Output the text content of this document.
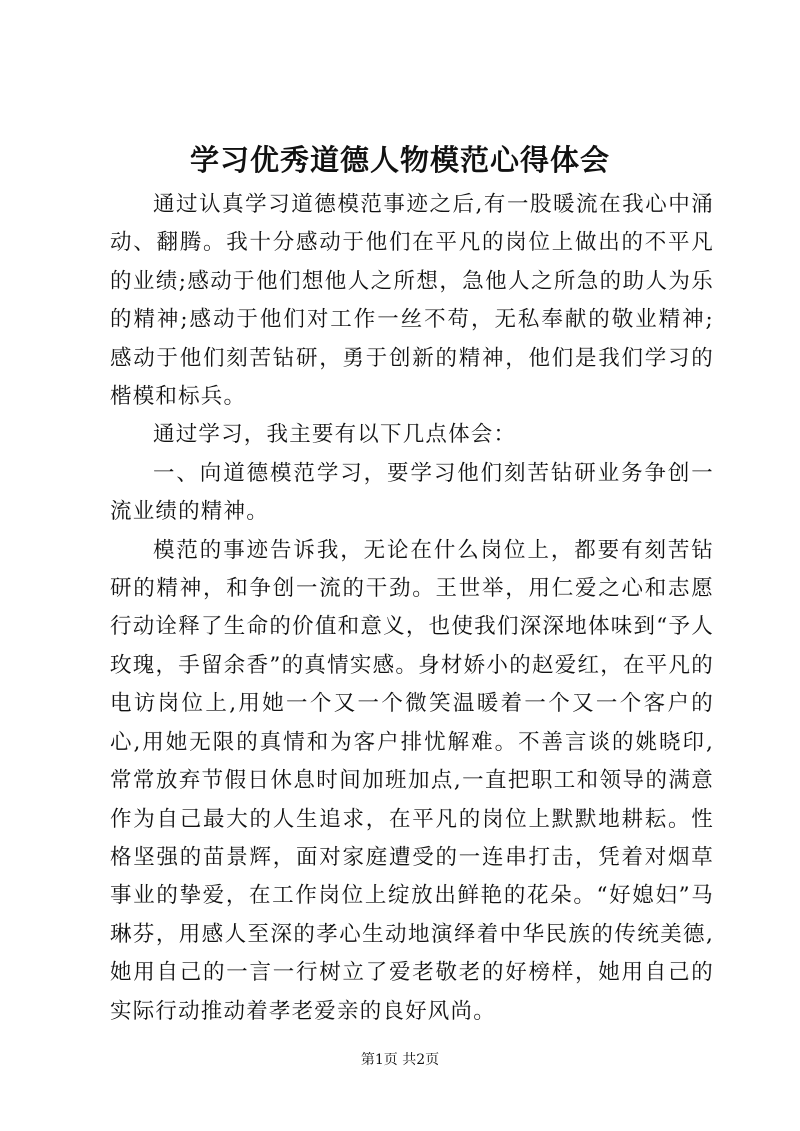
学习优秀道德人物模范心得体会

通过认真学习道德模范事迹之后,有一股暖流在我心中涌动、翻腾。我十分感动于他们在平凡的岗位上做出的不平凡的业绩;感动于他们想他人之所想，急他人之所急的助人为乐的精神;感动于他们对工作一丝不苟，无私奉献的敬业精神;感动于他们刻苦钻研，勇于创新的精神，他们是我们学习的楷模和标兵。

通过学习，我主要有以下几点体会：

一、向道德模范学习，要学习他们刻苦钻研业务争创一流业绩的精神。

模范的事迹告诉我，无论在什么岗位上，都要有刻苦钻研的精神，和争创一流的干劲。王世举，用仁爱之心和志愿行动诠释了生命的价值和意义，也使我们深深地体味到“予人玫瑰，手留余香”的真情实感。身材娇小的赵爱红，在平凡的电访岗位上,用她一个又一个微笑温暖着一个又一个客户的心,用她无限的真情和为客户排忧解难。不善言谈的姚晓印,常常放弃节假日休息时间加班加点,一直把职工和领导的满意作为自己最大的人生追求，在平凡的岗位上默默地耕耘。性格坚强的苗景辉，面对家庭遭受的一连串打击，凭着对烟草事业的挚爱，在工作岗位上绽放出鲜艳的花朵。“好媳妇”马琳芬，用感人至深的孝心生动地演绎着中华民族的传统美德,她用自己的一言一行树立了爱老敬老的好榜样，她用自己的实际行动推动着孝老爱亲的良好风尚。

第1页 共2页
